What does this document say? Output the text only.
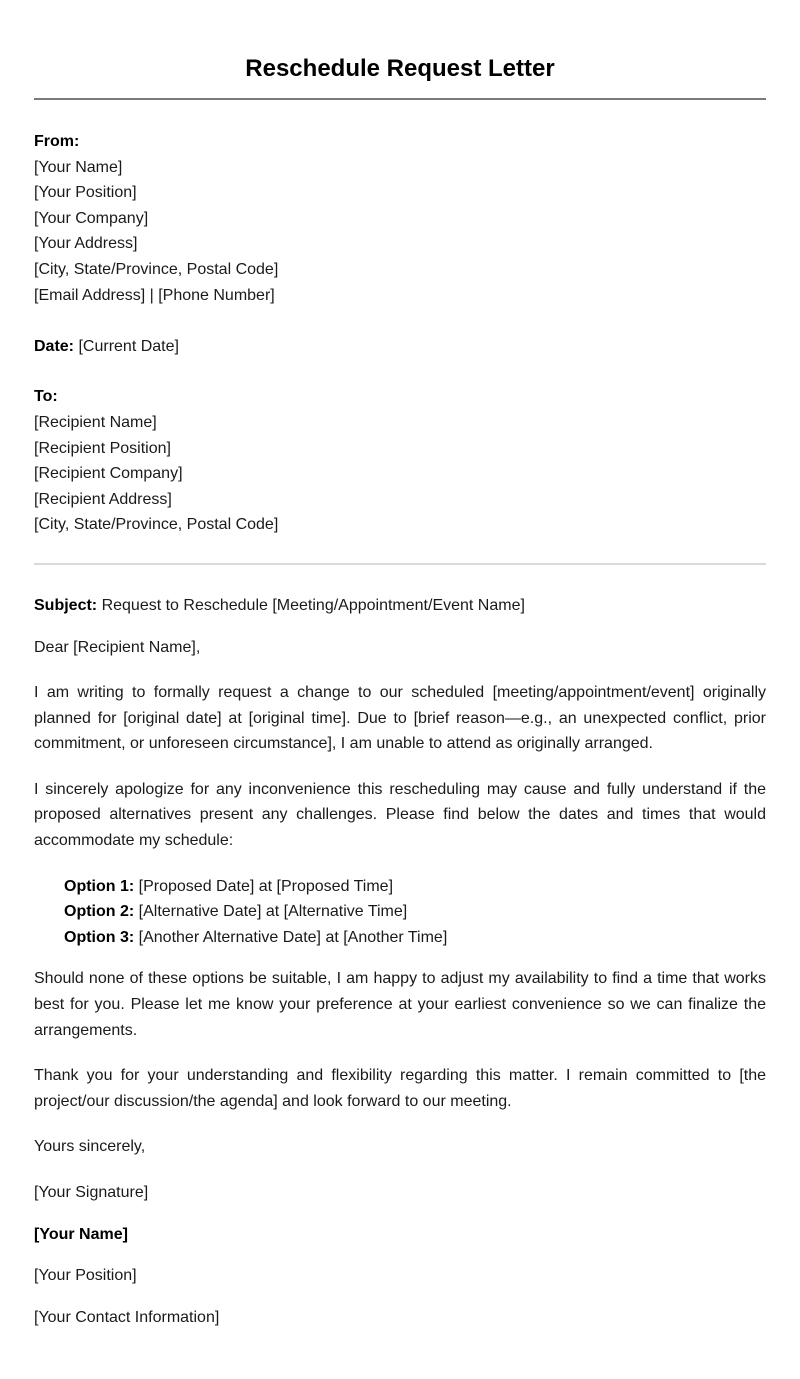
Reschedule Request Letter
From:
[Your Name]
[Your Position]
[Your Company]
[Your Address]
[City, State/Province, Postal Code]
[Email Address] | [Phone Number]
Date: [Current Date]
To:
[Recipient Name]
[Recipient Position]
[Recipient Company]
[Recipient Address]
[City, State/Province, Postal Code]
Subject: Request to Reschedule [Meeting/Appointment/Event Name]
Dear [Recipient Name],

I am writing to formally request a change to our scheduled [meeting/appointment/event] originally planned for [original date] at [original time]. Due to [brief reason—e.g., an unexpected conflict, prior commitment, or unforeseen circumstance], I am unable to attend as originally arranged.

I sincerely apologize for any inconvenience this rescheduling may cause and fully understand if the proposed alternatives present any challenges. Please find below the dates and times that would accommodate my schedule:

Option 1: [Proposed Date] at [Proposed Time]
Option 2: [Alternative Date] at [Alternative Time]
Option 3: [Another Alternative Date] at [Another Time]

Should none of these options be suitable, I am happy to adjust my availability to find a time that works best for you. Please let me know your preference at your earliest convenience so we can finalize the arrangements.

Thank you for your understanding and flexibility regarding this matter. I remain committed to [the project/our discussion/the agenda] and look forward to our meeting.

Yours sincerely,
[Your Signature]
[Your Name]
[Your Position]
[Your Contact Information]
